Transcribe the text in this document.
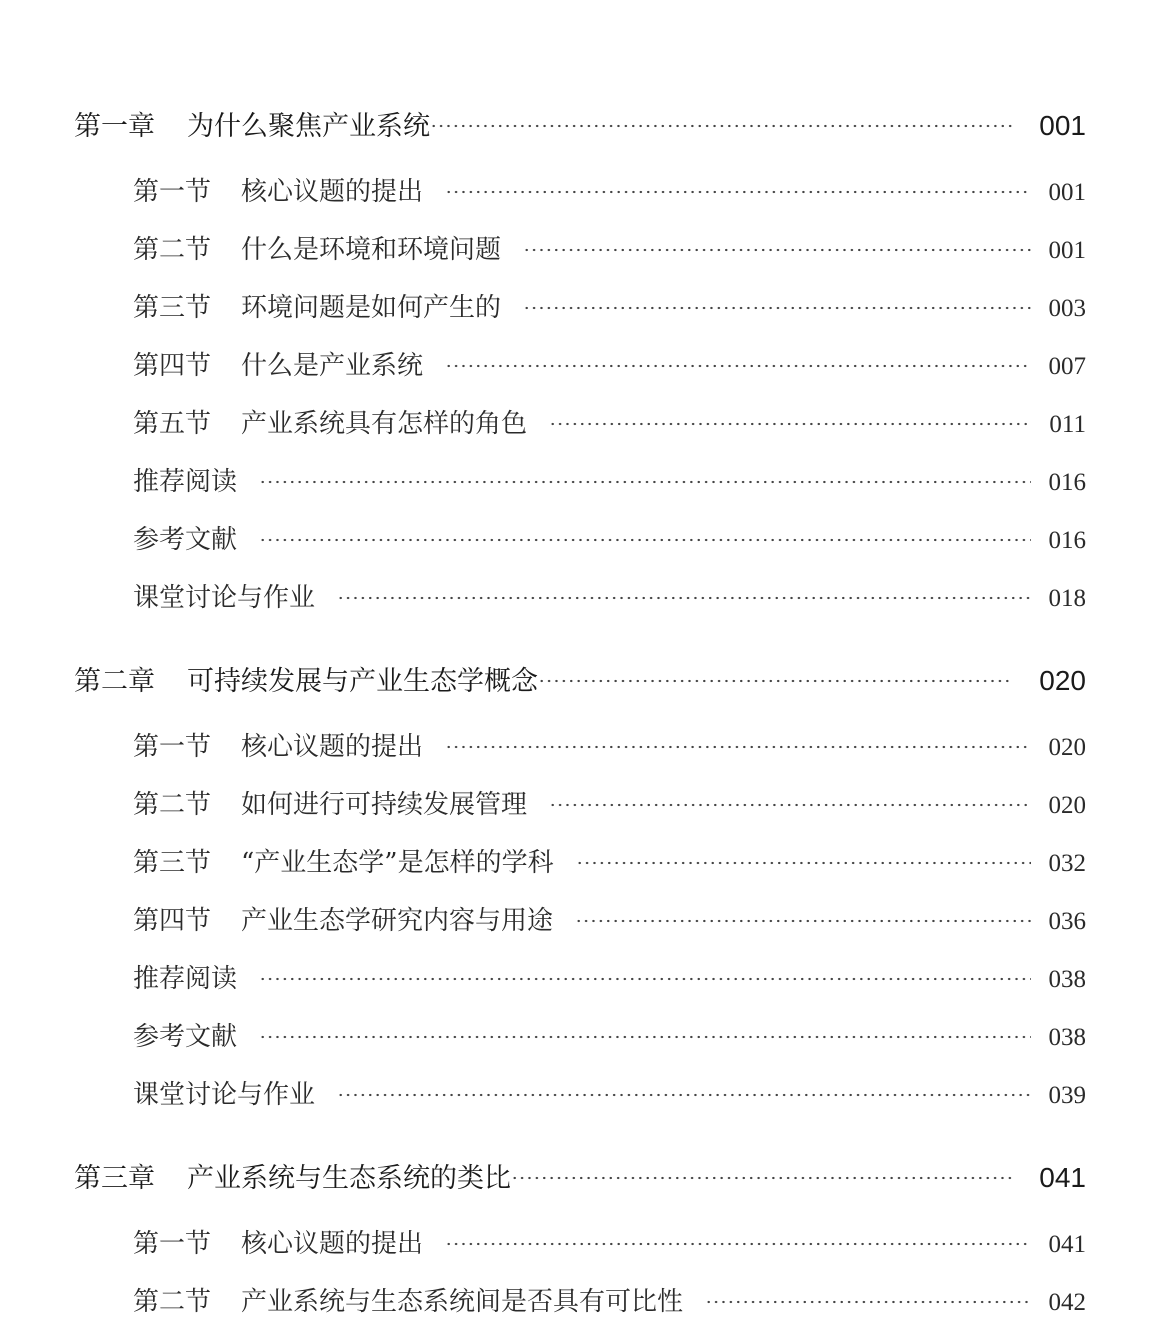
第一章 为什么聚焦产业系统	001
第一节 核心议题的提出	001
第二节 什么是环境和环境问题	001
第三节 环境问题是如何产生的	003
第四节 什么是产业系统	007
第五节 产业系统具有怎样的角色	011
推荐阅读	016
参考文献	016
课堂讨论与作业	018
第二章 可持续发展与产业生态学概念	020
第一节 核心议题的提出	020
第二节 如何进行可持续发展管理	020
第三节 “产业生态学”是怎样的学科	032
第四节 产业生态学研究内容与用途	036
推荐阅读	038
参考文献	038
课堂讨论与作业	039
第三章 产业系统与生态系统的类比	041
第一节 核心议题的提出	041
第二节 产业系统与生态系统间是否具有可比性	042
